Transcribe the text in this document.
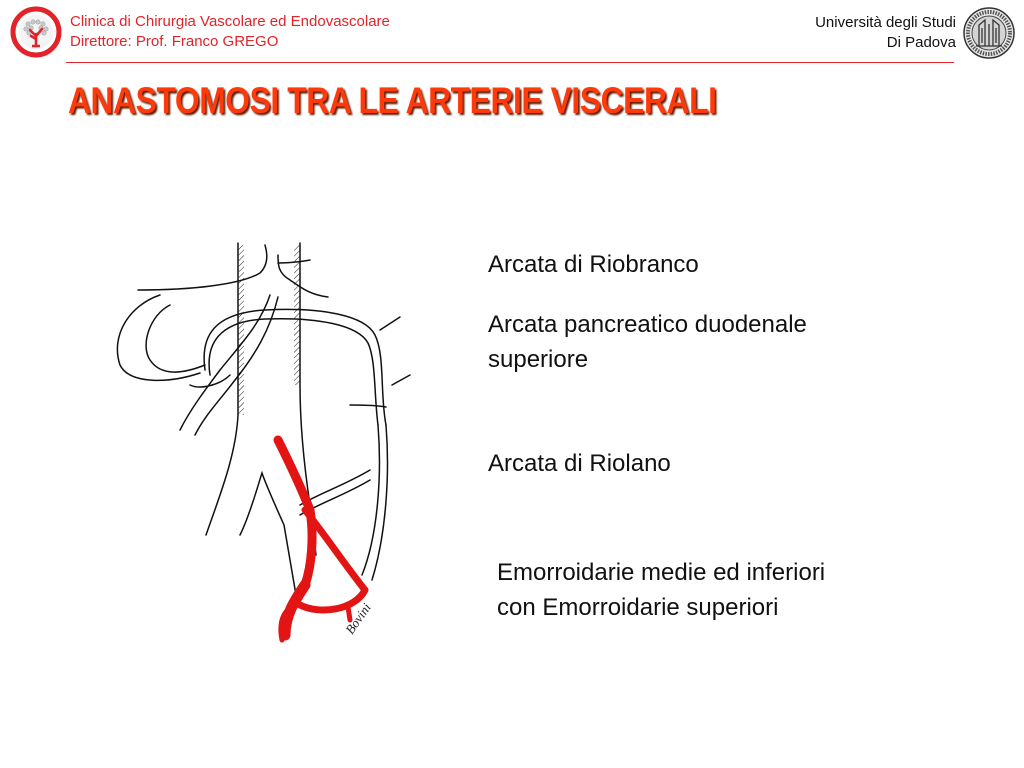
Clinica di Chirurgia Vascolare ed Endovascolare
Direttore: Prof. Franco GREGO
Università degli Studi
Di Padova
ANASTOMOSI TRA LE ARTERIE VISCERALI
Bovini
Arcata di Riobranco
Arcata pancreatico duodenale
superiore
Arcata di Riolano
Emorroidarie medie ed inferiori
con Emorroidarie superiori
